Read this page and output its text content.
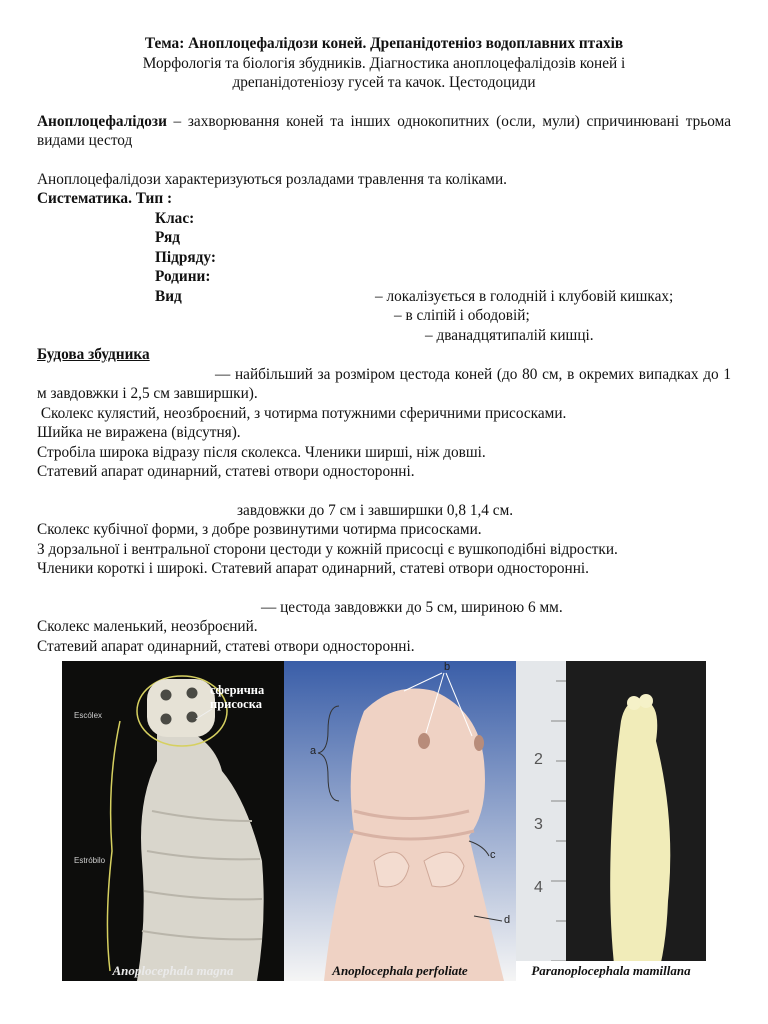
Тема: Аноплоцефалідози коней. Дрепанідотеніоз водоплавних птахів
Морфологія та біологія збудників. Діагностика аноплоцефалідозів коней і
дрепанідотеніозу гусей та качок. Цестодоциди
Аноплоцефалідози – захворювання коней та інших однокопитних (осли, мули) спричинювані трьома видами цестод
Аноплоцефалідози характеризуються розладами травлення та коліками.
Систематика. Тип :
Клас:
Ряд
Підряду:
Родини:
Вид	– локалізується в голодній і клубовій кишках;
– в сліпій і ободовій;
– дванадцятипалій кишці.
Будова збудника
— найбільший за розміром цестода коней (до 80 см, в окремих випадках до 1 м завдовжки і 2,5 см завширшки).
Сколекс кулястий, неозброєний, з чотирма потужними сферичними присосками.
Шийка не виражена (відсутня).
Стробіла широка відразу після сколекса. Членики ширші, ніж довші.
Статевий апарат одинарний, статеві отвори односторонні.
завдовжки до 7 см і завширшки 0,8 1,4 см.
Сколекс кубічної форми, з добре розвинутими чотирма присосками.
З дорзальної і вентральної сторони цестоди у кожній присосці є вушкоподібні відростки.
Членики короткі і широкі. Статевий апарат одинарний, статеві отвори односторонні.
— цестода завдовжки до 5 см, шириною 6 мм.
Сколекс маленький, неозброєний.
Статевий апарат одинарний, статеві отвори односторонні.
Escólex
Estróbilo
сферична присоска
Anoplocephala magna
b
a
c
d
Anoplocephala perfoliate
2
3
4
Paranoplocephala mamillana
